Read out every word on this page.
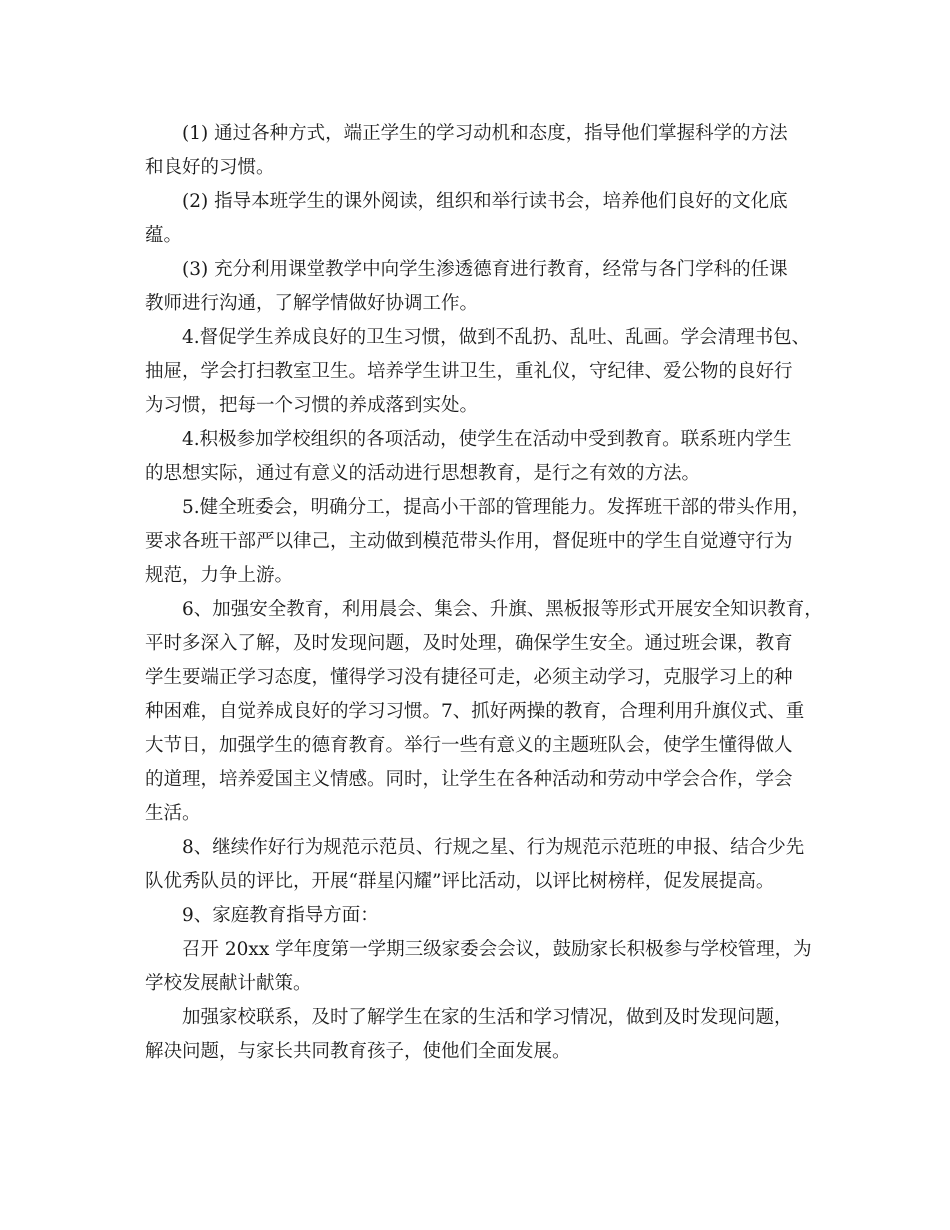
(1) 通过各种方式，端正学生的学习动机和态度，指导他们掌握科学的方法
和良好的习惯。

(2) 指导本班学生的课外阅读，组织和举行读书会，培养他们良好的文化底
蕴。

(3) 充分利用课堂教学中向学生渗透德育进行教育，经常与各门学科的任课
教师进行沟通，了解学情做好协调工作。

4.督促学生养成良好的卫生习惯，做到不乱扔、乱吐、乱画。学会清理书包、
抽屉，学会打扫教室卫生。培养学生讲卫生，重礼仪，守纪律、爱公物的良好行
为习惯，把每一个习惯的养成落到实处。

4.积极参加学校组织的各项活动，使学生在活动中受到教育。联系班内学生
的思想实际，通过有意义的活动进行思想教育，是行之有效的方法。

5.健全班委会，明确分工，提高小干部的管理能力。发挥班干部的带头作用，
要求各班干部严以律己，主动做到模范带头作用，督促班中的学生自觉遵守行为
规范，力争上游。

6、加强安全教育，利用晨会、集会、升旗、黑板报等形式开展安全知识教育，
平时多深入了解，及时发现问题，及时处理，确保学生安全。通过班会课，教育
学生要端正学习态度，懂得学习没有捷径可走，必须主动学习，克服学习上的种
种困难，自觉养成良好的学习习惯。7、抓好两操的教育，合理利用升旗仪式、重
大节日，加强学生的德育教育。举行一些有意义的主题班队会，使学生懂得做人
的道理，培养爱国主义情感。同时，让学生在各种活动和劳动中学会合作，学会
生活。

8、继续作好行为规范示范员、行规之星、行为规范示范班的申报、结合少先
队优秀队员的评比，开展“群星闪耀”评比活动，以评比树榜样，促发展提高。

9、家庭教育指导方面：

召开 20xx 学年度第一学期三级家委会会议，鼓励家长积极参与学校管理，为
学校发展献计献策。

加强家校联系，及时了解学生在家的生活和学习情况，做到及时发现问题，
解决问题，与家长共同教育孩子，使他们全面发展。
